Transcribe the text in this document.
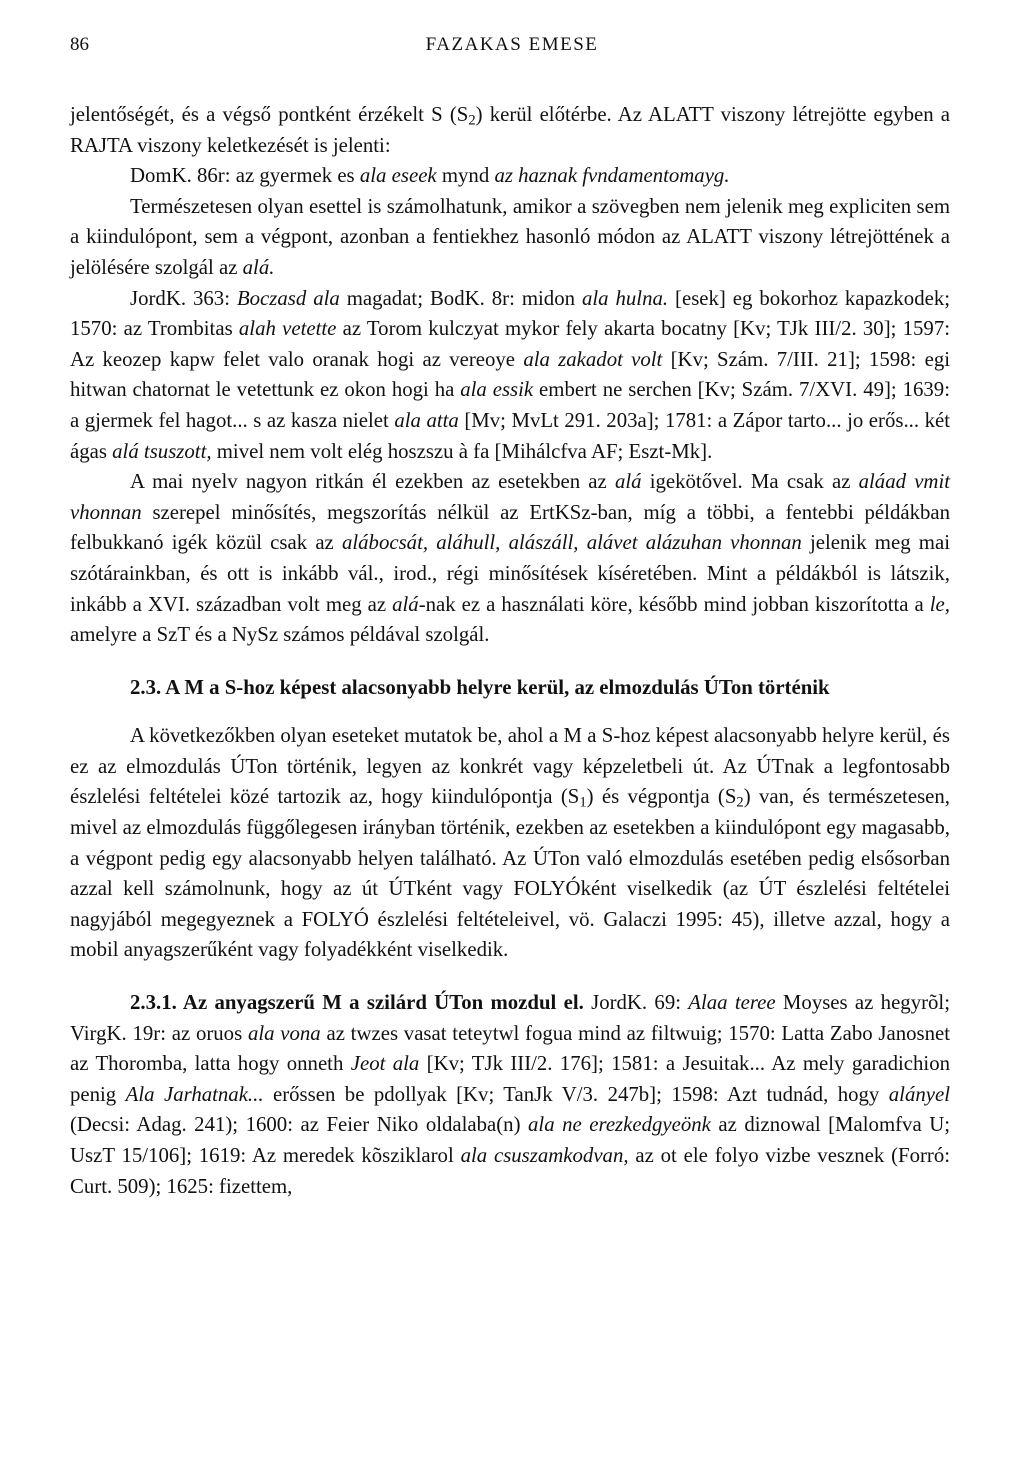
86	FAZAKAS EMESE

jelentőségét, és a végső pontként érzékelt S $(S_2)$ kerül előtérbe. Az ALATT viszony létrejötte egyben a RAJTA viszony keletkezését is jelenti:

DomK. 86r: az gyermek es ala eseek mynd az haznak fvndamentomayg.

Természetesen olyan esettel is számolhatunk, amikor a szövegben nem jelenik meg expliciten sem a kiindulópont, sem a végpont, azonban a fentiekhez hasonló módon az ALATT viszony létrejöttének a jelölésére szolgál az alá.

JordK. 363: Boczasd ala magadat; BodK. 8r: midon ala hulna. [esek] eg bokorhoz kapazkodek; 1570: az Trombitas alah vetette az Torom kulczyat mykor fely akarta bocatny [Kv; TJk III/2. 30]; 1597: Az keozep kapw felet valo oranak hogi az vereoye ala zakadot volt [Kv; Szám. 7/III. 21]; 1598: egi hitwan chatornat le vetettunk ez okon hogi ha ala essik embert ne serchen [Kv; Szám. 7/XVI. 49]; 1639: a gjermek fel hagot... s az kasza nielet ala atta [Mv; MvLt 291. 203a]; 1781: a Zápor tarto... jo erős... két ágas alá tsuszott, mivel nem volt elég hoszszu à fa [Mihálcfva AF; Eszt-Mk].

A mai nyelv nagyon ritkán él ezekben az esetekben az alá igekötővel. Ma csak az aláad vmit vhonnan szerepel minősítés, megszorítás nélkül az ErtKSz-ban, míg a többi, a fentebbi példákban felbukkanó igék közül csak az alábocsát, aláhull, alászáll, alávet alázuhan vhonnan jelenik meg mai szótárainkban, és ott is inkább vál., irod., régi minősítések kíséretében. Mint a példákból is látszik, inkább a XVI. században volt meg az alá-nak ez a használati köre, később mind jobban kiszorította a le, amelyre a SzT és a NySz számos példával szolgál.

2.3. A M a S-hoz képest alacsonyabb helyre kerül, az elmozdulás ÚTon történik

A következőkben olyan eseteket mutatok be, ahol a M a S-hoz képest alacsonyabb helyre kerül, és ez az elmozdulás ÚTon történik, legyen az konkrét vagy képzeletbeli út. Az ÚTnak a legfontosabb észlelési feltételei közé tartozik az, hogy kiindulópontja $(S_1)$ és végpontja $(S_2)$ van, és természetesen, mivel az elmozdulás függőlegesen irányban történik, ezekben az esetekben a kiindulópont egy magasabb, a végpont pedig egy alacsonyabb helyen található. Az ÚTon való elmozdulás esetében pedig elsősorban azzal kell számolnunk, hogy az út ÚTként vagy FOLYÓként viselkedik (az ÚT észlelési feltételei nagyjából megegyeznek a FOLYÓ észlelési feltételeivel, vö. Galaczi 1995: 45), illetve azzal, hogy a mobil anyagszerűként vagy folyadékként viselkedik.

2.3.1. Az anyagszerű M a szilárd ÚTon mozdul el. JordK. 69: Alaa teree Moyses az hegyrõl; VirgK. 19r: az oruos ala vona az twzes vasat teteytwl fogua mind az filtwuig; 1570: Latta Zabo Janosnet az Thoromba, latta hogy onneth Jeot ala [Kv; TJk III/2. 176]; 1581: a Jesuitak... Az mely garadichion penig Ala Jarhatnak... erőssen be pdollyak [Kv; TanJk V/3. 247b]; 1598: Azt tudnád, hogy alányel (Decsi: Adag. 241); 1600: az Feier Niko oldalaba(n) ala ne erezkedgyeönk az diznowal [Malomfva U; UszT 15/106]; 1619: Az meredek kõsziklarol ala csuszamkodvan, az ot ele folyo vizbe vesznek (Forró: Curt. 509); 1625: fizettem,
